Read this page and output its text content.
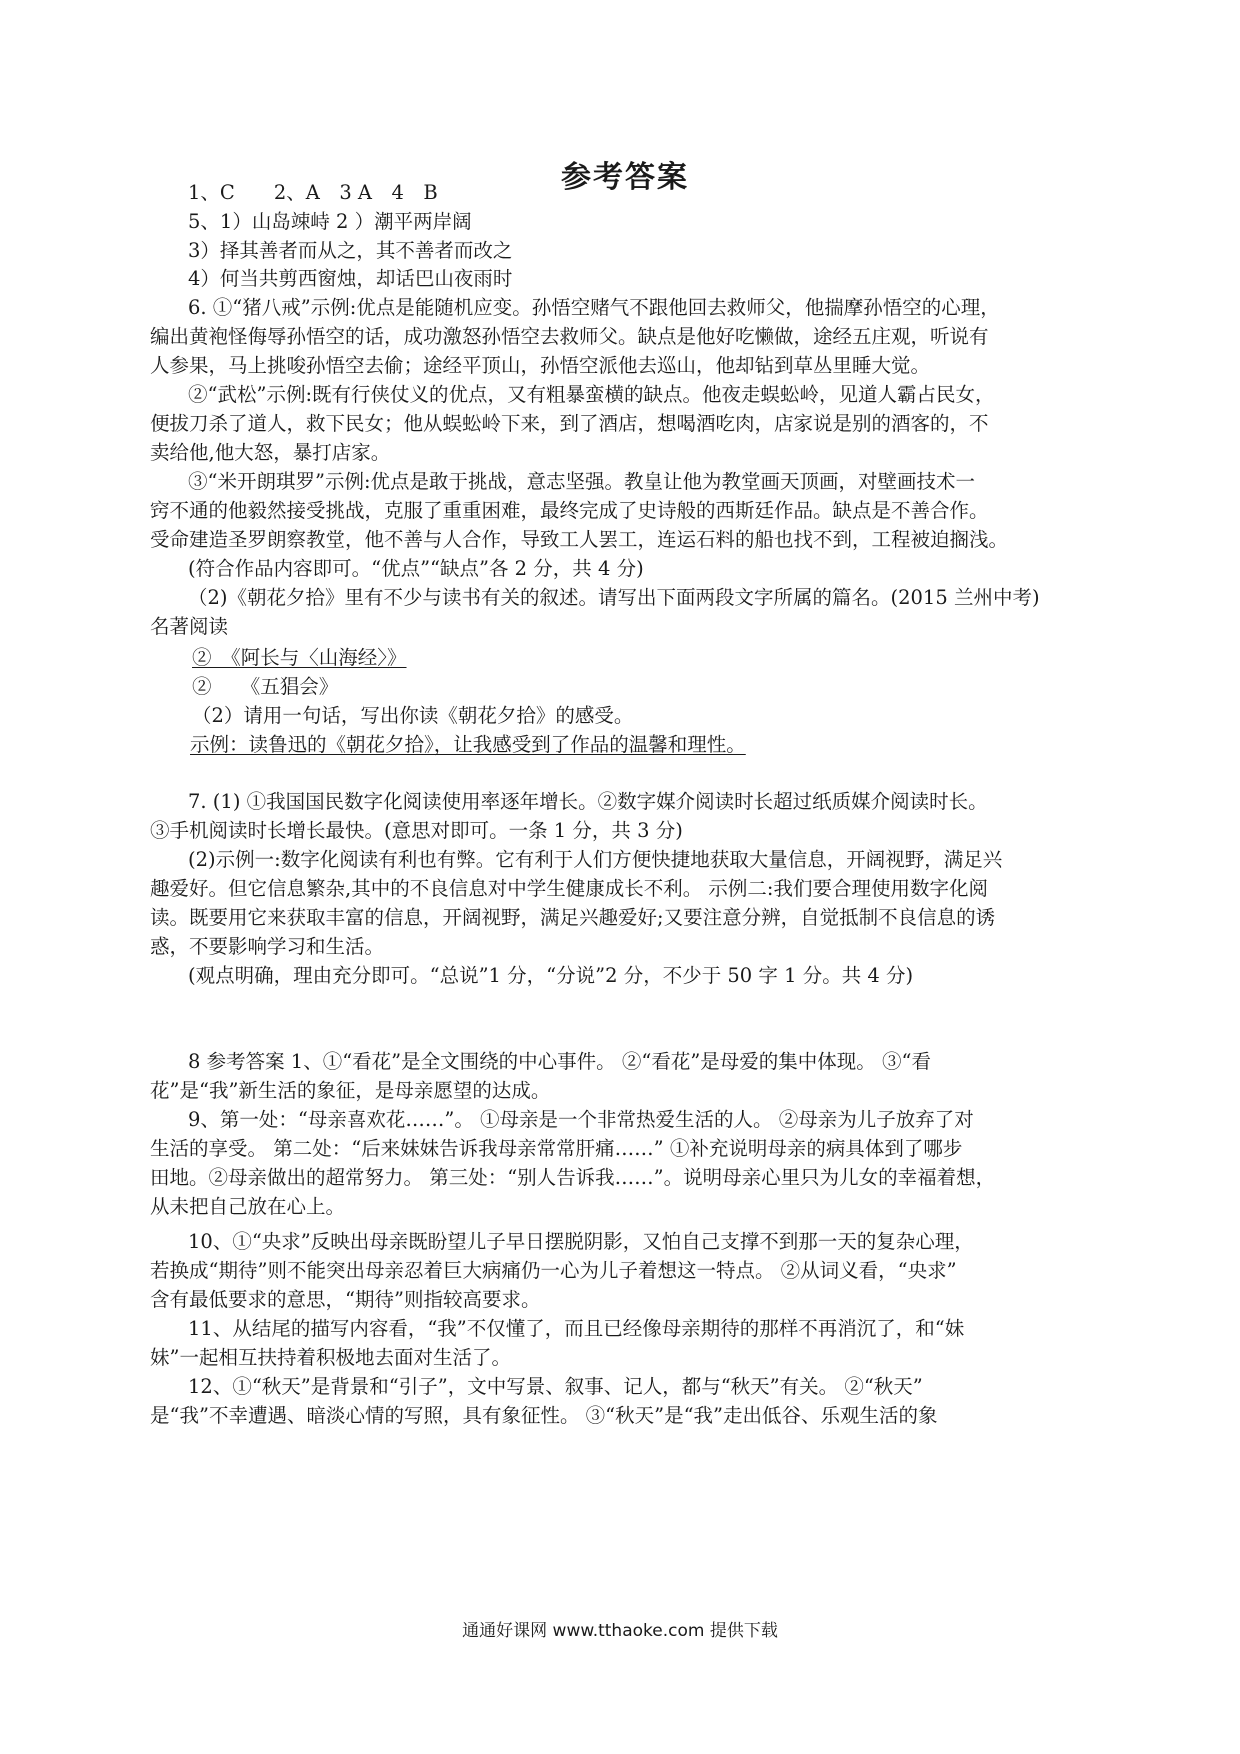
参考答案
1、C　　2、A　3 A　4　B
5、1）山岛竦峙 2 ）潮平两岸阔
3）择其善者而从之，其不善者而改之
4）何当共剪西窗烛，却话巴山夜雨时
6. ①“猪八戒”示例:优点是能随机应变。孙悟空赌气不跟他回去救师父，他揣摩孙悟空的心理，
编出黄袍怪侮辱孙悟空的话，成功激怒孙悟空去救师父。缺点是他好吃懒做，途经五庄观，听说有
人参果，马上挑唆孙悟空去偷；途经平顶山，孙悟空派他去巡山，他却钻到草丛里睡大觉。
②“武松”示例:既有行侠仗义的优点，又有粗暴蛮横的缺点。他夜走蜈蚣岭，见道人霸占民女，
便拔刀杀了道人，救下民女；他从蜈蚣岭下来，到了酒店，想喝酒吃肉，店家说是别的酒客的，不
卖给他,他大怒，暴打店家。
③“米开朗琪罗”示例:优点是敢于挑战，意志坚强。教皇让他为教堂画天顶画，对壁画技术一
窍不通的他毅然接受挑战，克服了重重困难，最终完成了史诗般的西斯廷作品。缺点是不善合作。
受命建造圣罗朗察教堂，他不善与人合作，导致工人罢工，连运石料的船也找不到，工程被迫搁浅。
(符合作品内容即可。“优点”“缺点”各 2 分，共 4 分)
（2)《朝花夕拾》里有不少与读书有关的叙述。请写出下面两段文字所属的篇名。(2015 兰州中考)
名著阅读
②　《阿长与〈山海经〉》
②　　《五猖会》
（2）请用一句话，写出你读《朝花夕拾》的感受。
示例：读鲁迅的《朝花夕拾》，让我感受到了作品的温馨和理性。
7. (1) ①我国国民数字化阅读使用率逐年增长。②数字媒介阅读时长超过纸质媒介阅读时长。
③手机阅读时长增长最快。(意思对即可。一条 1 分，共 3 分)
(2)示例一:数字化阅读有利也有弊。它有利于人们方便快捷地获取大量信息，开阔视野，满足兴
趣爱好。但它信息繁杂,其中的不良信息对中学生健康成长不利。 示例二:我们要合理使用数字化阅
读。既要用它来获取丰富的信息，开阔视野，满足兴趣爱好;又要注意分辨，自觉抵制不良信息的诱
惑，不要影响学习和生活。
(观点明确，理由充分即可。“总说”1 分，“分说”2 分，不少于 50 字 1 分。共 4 分)
8 参考答案 1、①“看花”是全文围绕的中心事件。 ②“看花”是母爱的集中体现。 ③“看
花”是“我”新生活的象征，是母亲愿望的达成。
9、第一处：“母亲喜欢花……”。 ①母亲是一个非常热爱生活的人。 ②母亲为儿子放弃了对
生活的享受。 第二处：“后来妹妹告诉我母亲常常肝痛……” ①补充说明母亲的病具体到了哪步
田地。②母亲做出的超常努力。 第三处：“别人告诉我……”。说明母亲心里只为儿女的幸福着想，
从未把自己放在心上。
10、①“央求”反映出母亲既盼望儿子早日摆脱阴影，又怕自己支撑不到那一天的复杂心理，
若换成“期待”则不能突出母亲忍着巨大病痛仍一心为儿子着想这一特点。 ②从词义看，“央求”
含有最低要求的意思，“期待”则指较高要求。
11、从结尾的描写内容看，“我”不仅懂了，而且已经像母亲期待的那样不再消沉了，和“妹
妹”一起相互扶持着积极地去面对生活了。
12、①“秋天”是背景和“引子”，文中写景、叙事、记人，都与“秋天”有关。 ②“秋天”
是“我”不幸遭遇、暗淡心情的写照，具有象征性。 ③“秋天”是“我”走出低谷、乐观生活的象
通通好课网 www.tthaoke.com 提供下载
